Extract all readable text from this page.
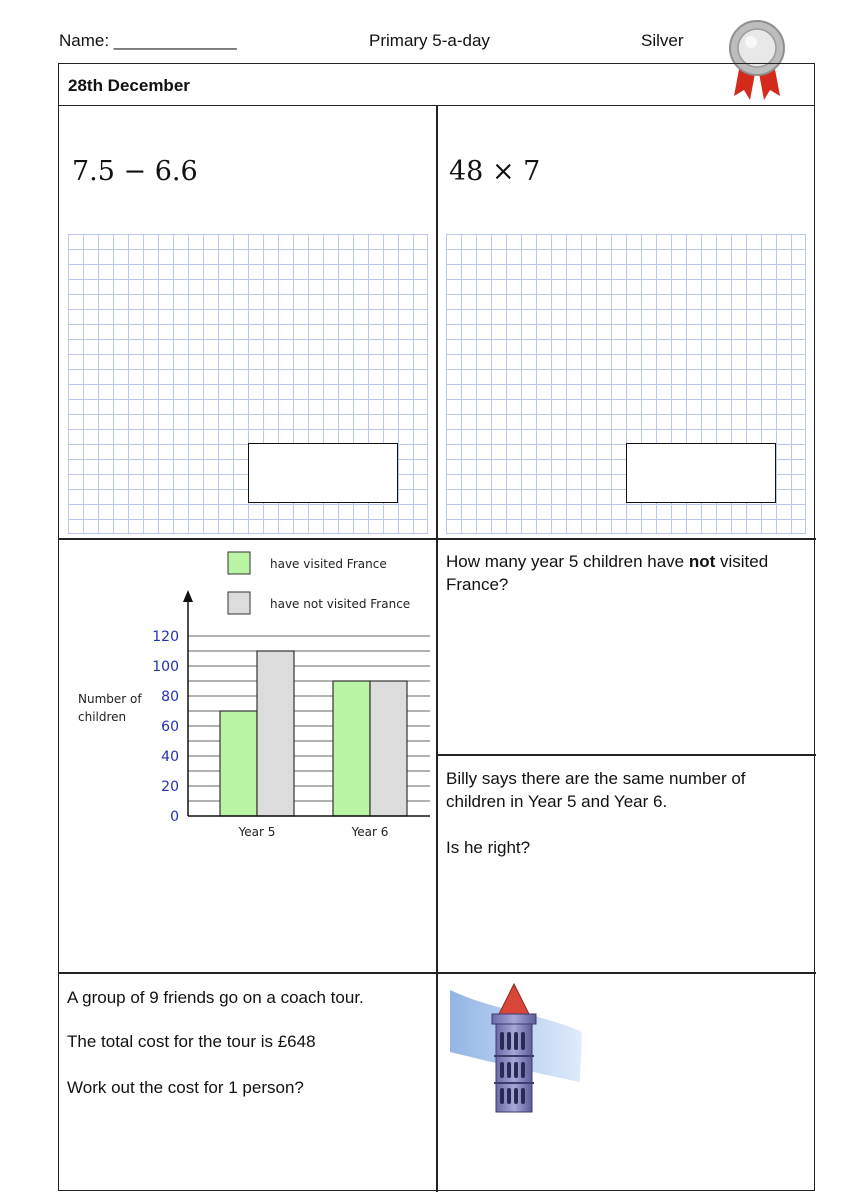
Name: _____________	Primary 5-a-day	Silver
28th December
7.5 − 6.6	48 × 7
have visited France
have not visited France
Year 5	Year 6
0
20
40
60
80
100
120
Number of children
How many year 5 children have not visited France?
Billy says there are the same number of children in Year 5 and Year 6.
Is he right?
A group of 9 friends go on a coach tour.
The total cost for the tour is £648
Work out the cost for 1 person?
